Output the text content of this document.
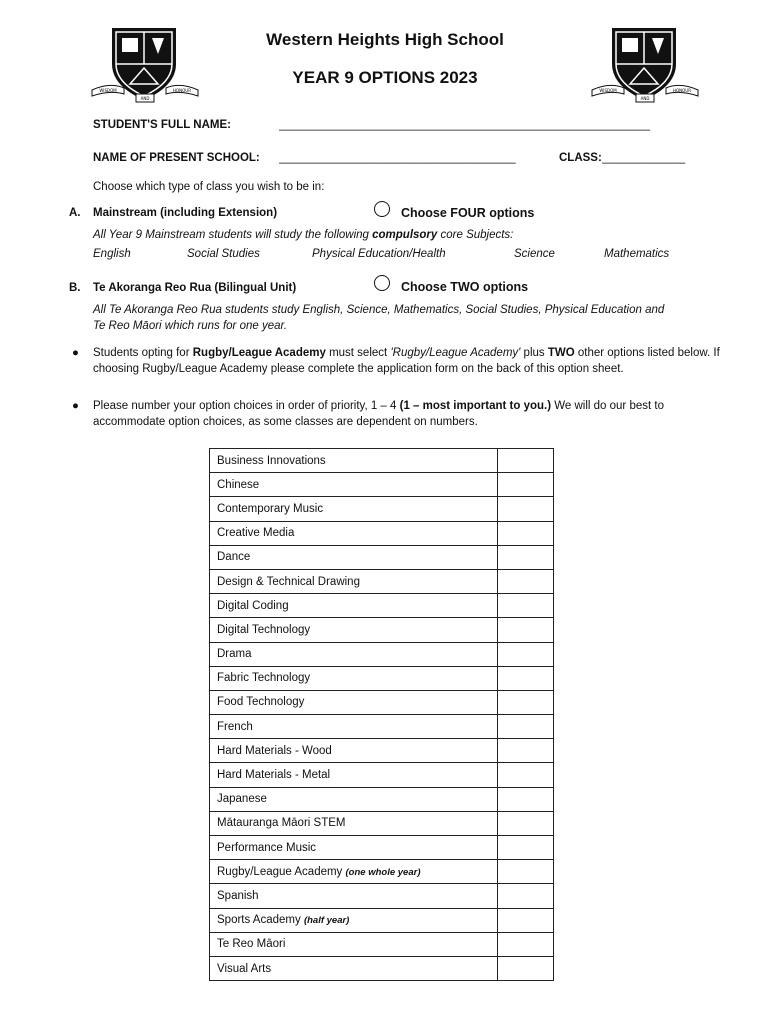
WISDOM
AND
HONOUR	WISDOM
AND
HONOUR
Western Heights High School
YEAR 9 OPTIONS 2023
STUDENT'S FULL NAME:	__________________________________________________________
NAME OF PRESENT SCHOOL: _____________________________________	CLASS: _____________
Choose which type of class you wish to be in:
A. Mainstream (including Extension)	Choose FOUR options
All Year 9 Mainstream students will study the following compulsory core Subjects:
English	Social Studies	Physical Education/Health	Science	Mathematics
B. Te Akoranga Reo Rua (Bilingual Unit)	Choose TWO options
All Te Akoranga Reo Rua students study English, Science, Mathematics, Social Studies, Physical Education and
Te Reo Māori which runs for one year.
● Students opting for Rugby/League Academy must select 'Rugby/League Academy' plus TWO other options listed below. If choosing Rugby/League Academy please complete the application form on the back of this option sheet.
● Please number your option choices in order of priority, 1 – 4 (1 – most important to you.) We will do our best to accommodate option choices, as some classes are dependent on numbers.
Business Innovations	
Chinese	
Contemporary Music	
Creative Media	
Dance	
Design & Technical Drawing	
Digital Coding	
Digital Technology	
Drama	
Fabric Technology	
Food Technology	
French	
Hard Materials - Wood	
Hard Materials - Metal	
Japanese	
Mātauranga Māori STEM	
Performance Music	
Rugby/League Academy (one whole year)	
Spanish	
Sports Academy (half year)	
Te Reo Māori	
Visual Arts	
